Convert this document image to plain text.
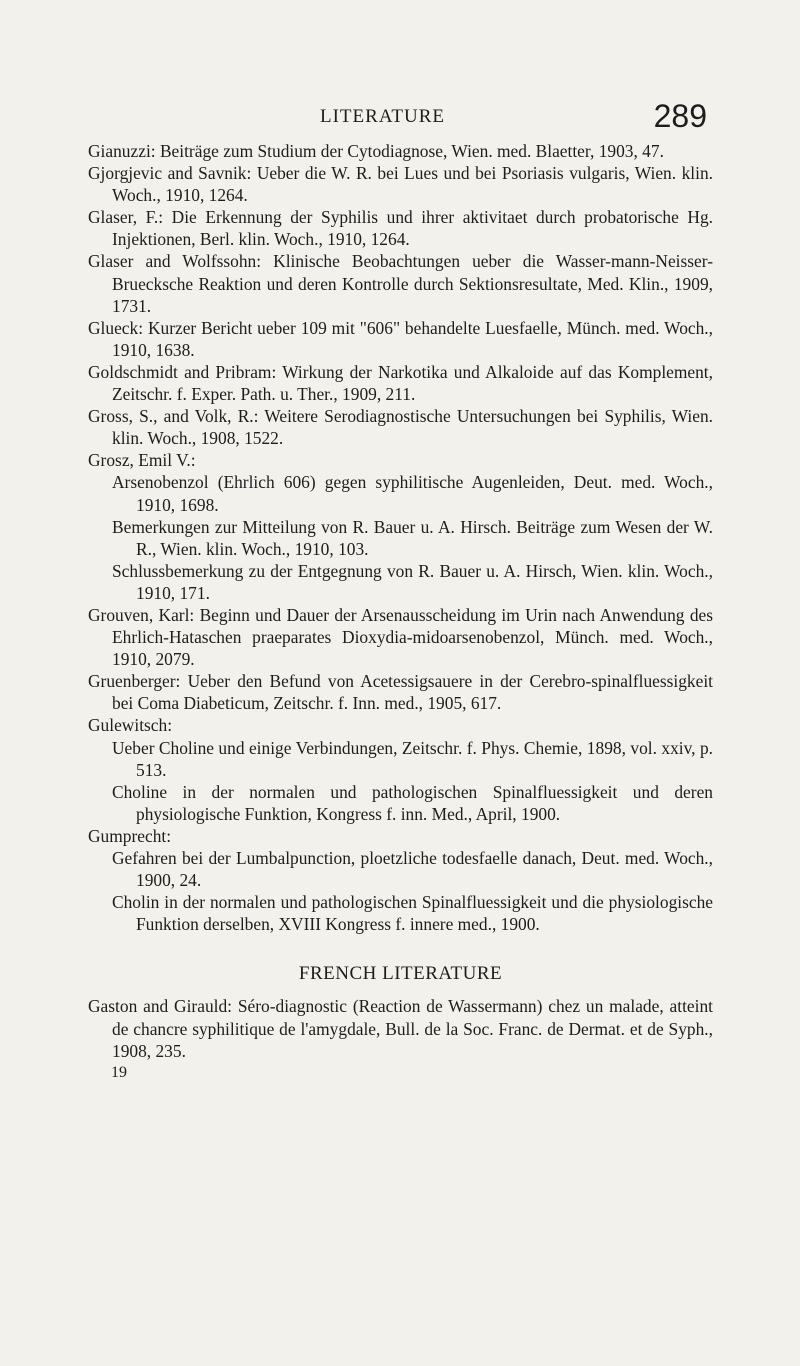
LITERATURE	289

Gianuzzi: Beiträge zum Studium der Cytodiagnose, Wien. med. Blaetter, 1903, 47.

Gjorgjevic and Savnik: Ueber die W. R. bei Lues und bei Psoriasis vulgaris, Wien. klin. Woch., 1910, 1264.

Glaser, F.: Die Erkennung der Syphilis und ihrer aktivitaet durch probatorische Hg. Injektionen, Berl. klin. Woch., 1910, 1264.

Glaser and Wolfssohn: Klinische Beobachtungen ueber die Wasser-mann-Neisser-Bruecksche Reaktion und deren Kontrolle durch Sektionsresultate, Med. Klin., 1909, 1731.

Glueck: Kurzer Bericht ueber 109 mit "606" behandelte Luesfaelle, Münch. med. Woch., 1910, 1638.

Goldschmidt and Pribram: Wirkung der Narkotika und Alkaloide auf das Komplement, Zeitschr. f. Exper. Path. u. Ther., 1909, 211.

Gross, S., and Volk, R.: Weitere Serodiagnostische Untersuchungen bei Syphilis, Wien. klin. Woch., 1908, 1522.

Grosz, Emil V.:

Arsenobenzol (Ehrlich 606) gegen syphilitische Augenleiden, Deut. med. Woch., 1910, 1698.

Bemerkungen zur Mitteilung von R. Bauer u. A. Hirsch. Beiträge zum Wesen der W. R., Wien. klin. Woch., 1910, 103.

Schlussbemerkung zu der Entgegnung von R. Bauer u. A. Hirsch, Wien. klin. Woch., 1910, 171.

Grouven, Karl: Beginn und Dauer der Arsenausscheidung im Urin nach Anwendung des Ehrlich-Hataschen praeparates Dioxydia-midoarsenobenzol, Münch. med. Woch., 1910, 2079.

Gruenberger: Ueber den Befund von Acetessigsauere in der Cerebro-spinalfluessigkeit bei Coma Diabeticum, Zeitschr. f. Inn. med., 1905, 617.

Gulewitsch:

Ueber Choline und einige Verbindungen, Zeitschr. f. Phys. Chemie, 1898, vol. xxiv, p. 513.

Choline in der normalen und pathologischen Spinalfluessigkeit und deren physiologische Funktion, Kongress f. inn. Med., April, 1900.

Gumprecht:

Gefahren bei der Lumbalpunction, ploetzliche todesfaelle danach, Deut. med. Woch., 1900, 24.

Cholin in der normalen und pathologischen Spinalfluessigkeit und die physiologische Funktion derselben, XVIII Kongress f. innere med., 1900.

FRENCH LITERATURE

Gaston and Girauld: Séro-diagnostic (Reaction de Wassermann) chez un malade, atteint de chancre syphilitique de l'amygdale, Bull. de la Soc. Franc. de Dermat. et de Syph., 1908, 235.

19
